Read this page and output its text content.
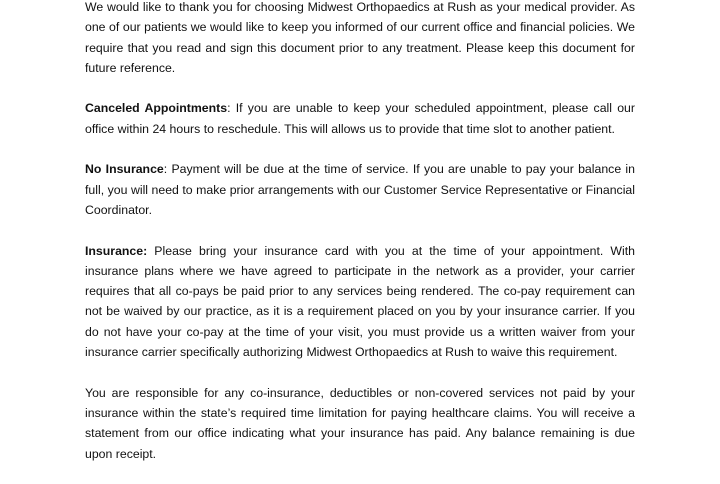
We would like to thank you for choosing Midwest Orthopaedics at Rush as your medical provider. As one of our patients we would like to keep you informed of our current office and financial policies. We require that you read and sign this document prior to any treatment. Please keep this document for future reference.

Canceled Appointments: If you are unable to keep your scheduled appointment, please call our office within 24 hours to reschedule. This will allows us to provide that time slot to another patient.

No Insurance: Payment will be due at the time of service. If you are unable to pay your balance in full, you will need to make prior arrangements with our Customer Service Representative or Financial Coordinator.

Insurance: Please bring your insurance card with you at the time of your appointment. With insurance plans where we have agreed to participate in the network as a provider, your carrier requires that all co-pays be paid prior to any services being rendered. The co-pay requirement can not be waived by our practice, as it is a requirement placed on you by your insurance carrier. If you do not have your co-pay at the time of your visit, you must provide us a written waiver from your insurance carrier specifically authorizing Midwest Orthopaedics at Rush to waive this requirement.

You are responsible for any co-insurance, deductibles or non-covered services not paid by your insurance within the state’s required time limitation for paying healthcare claims. You will receive a statement from our office indicating what your insurance has paid. Any balance remaining is due upon receipt.
